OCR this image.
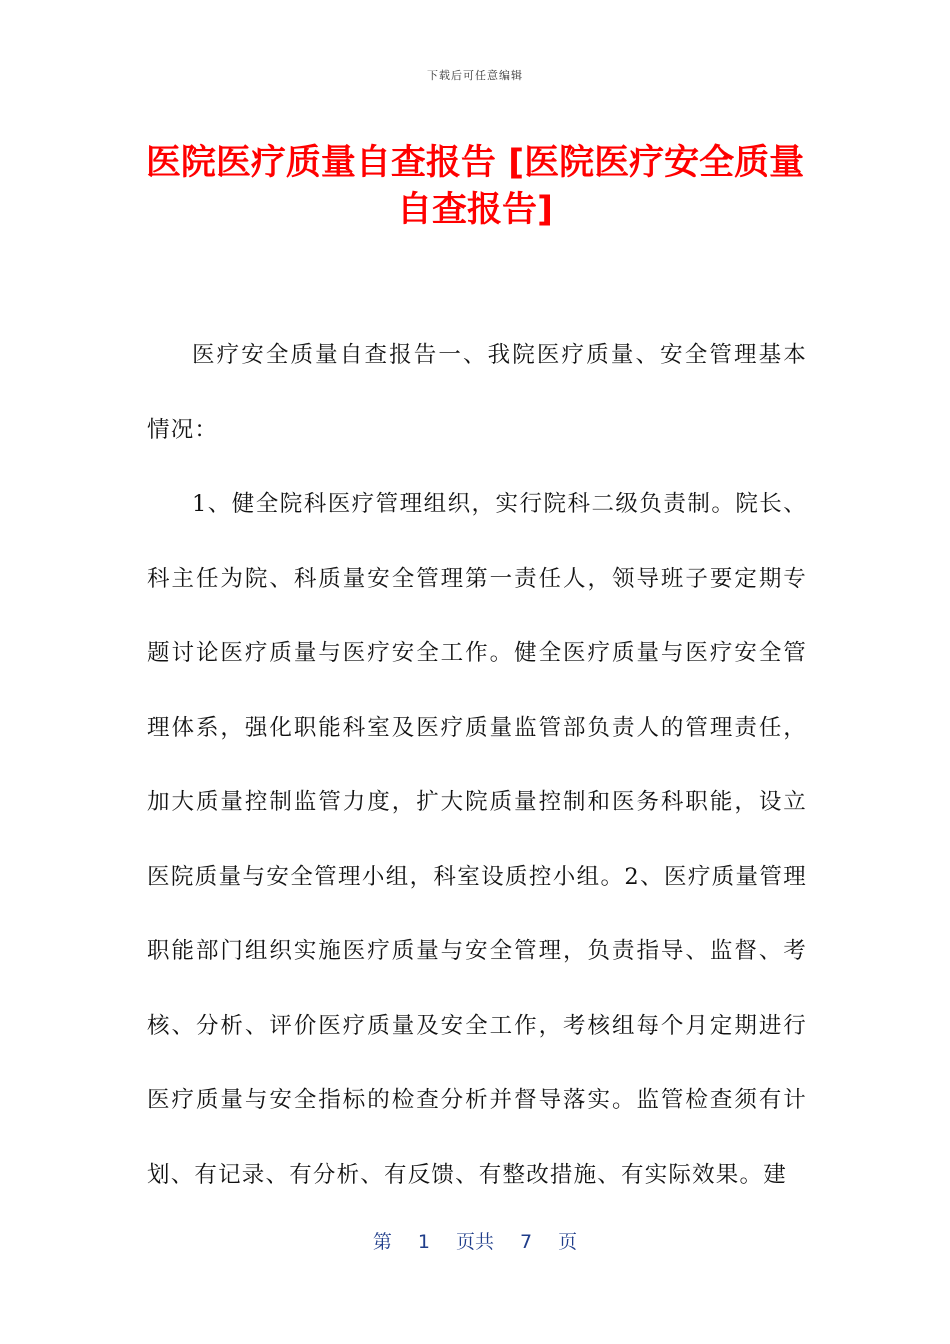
下载后可任意编辑
医院医疗质量自查报告 [医院医疗安全质量自查报告]

医疗安全质量自查报告一、我院医疗质量、安全管理基本情况：

1、健全院科医疗管理组织，实行院科二级负责制。院长、科主任为院、科质量安全管理第一责任人，领导班子要定期专题讨论医疗质量与医疗安全工作。健全医疗质量与医疗安全管理体系，强化职能科室及医疗质量监管部负责人的管理责任，加大质量控制监管力度，扩大院质量控制和医务科职能，设立医院质量与安全管理小组，科室设质控小组。2、医疗质量管理职能部门组织实施医疗质量与安全管理，负责指导、监督、考核、分析、评价医疗质量及安全工作，考核组每个月定期进行医疗质量与安全指标的检查分析并督导落实。监管检查须有计划、有记录、有分析、有反馈、有整改措施、有实际效果。建

第 1 页共 7 页
